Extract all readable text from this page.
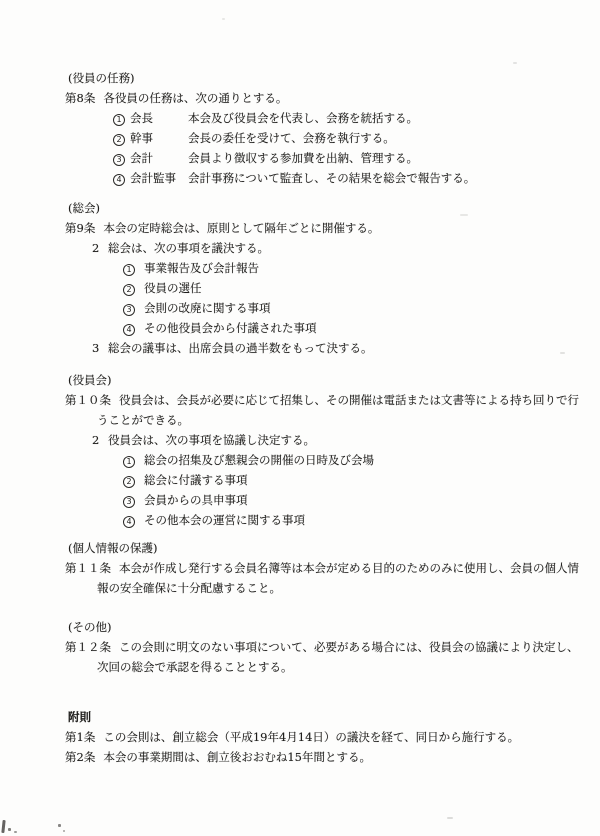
(役員の任務)

第8条 各役員の任務は、次の通りとする。

1 会長	本会及び役員会を代表し、会務を統括する。

2 幹事	会長の委任を受けて、会務を執行する。

3 会計	会員より徴収する参加費を出納、管理する。

4 会計監事 会計事務について監査し、その結果を総会で報告する。

(総会)

第9条 本会の定時総会は、原則として隔年ごとに開催する。

2 総会は、次の事項を議決する。

1 事業報告及び会計報告

2 役員の選任

3 会則の改廃に関する事項

4 その他役員会から付議された事項

3 総会の議事は、出席会員の過半数をもって決する。

(役員会)

第１０条 役員会は、会長が必要に応じて招集し、その開催は電話または文書等による持ち回りで行

うことができる。

2 役員会は、次の事項を協議し決定する。

1 総会の招集及び懇親会の開催の日時及び会場

2 総会に付議する事項

3 会員からの具申事項

4 その他本会の運営に関する事項

(個人情報の保護)

第１１条 本会が作成し発行する会員名簿等は本会が定める目的のためのみに使用し、会員の個人情

報の安全確保に十分配慮すること。

(その他)

第１２条 この会則に明文のない事項について、必要がある場合には、役員会の協議により決定し、

次回の総会で承認を得ることとする。

附則

第1条 この会則は、創立総会（平成19年4月14日）の議決を経て、同日から施行する。

第2条 本会の事業期間は、創立後おおむね15年間とする。
